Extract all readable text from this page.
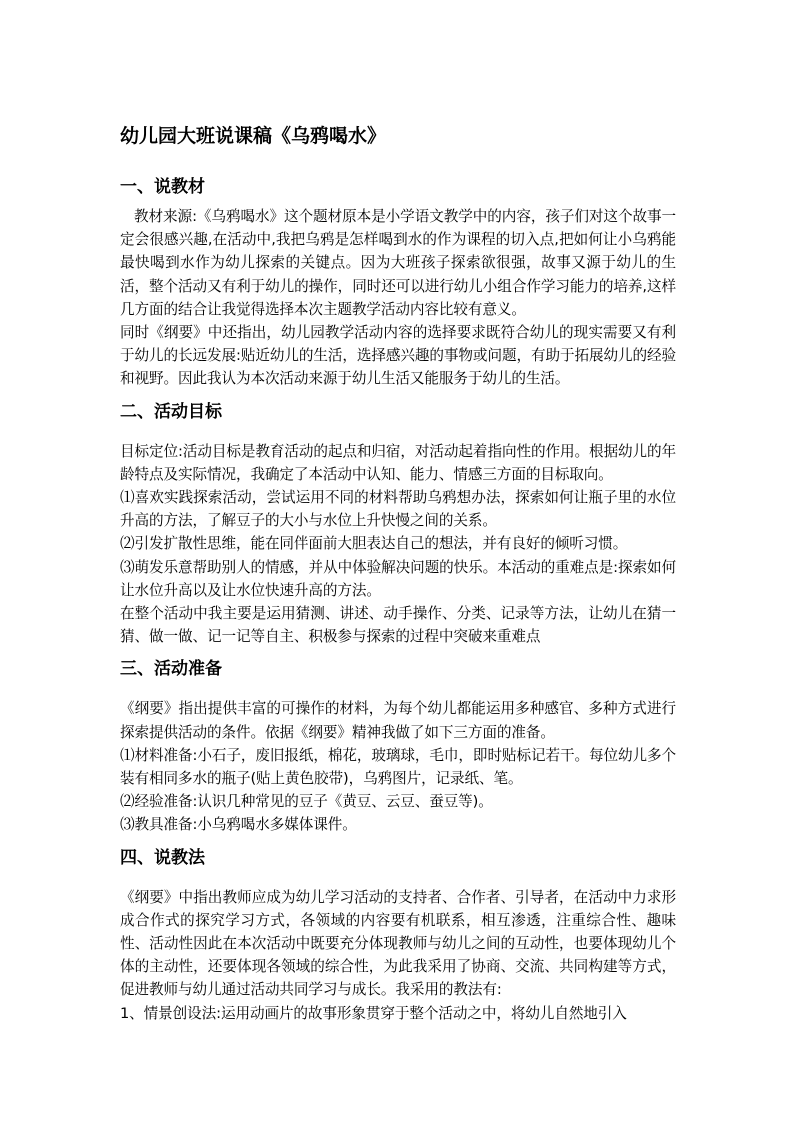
幼儿园大班说课稿《乌鸦喝水》
一、说教材

教材来源:《乌鸦喝水》这个题材原本是小学语文教学中的内容，孩子们对这个故事一定会很感兴趣,在活动中,我把乌鸦是怎样喝到水的作为课程的切入点,把如何让小乌鸦能最快喝到水作为幼儿探索的关键点。因为大班孩子探索欲很强，故事又源于幼儿的生活，整个活动又有利于幼儿的操作，同时还可以进行幼儿小组合作学习能力的培养,这样几方面的结合让我觉得选择本次主题教学活动内容比较有意义。

同时《纲要》中还指出，幼儿园教学活动内容的选择要求既符合幼儿的现实需要又有利于幼儿的长远发展:贴近幼儿的生活，选择感兴趣的事物或问题，有助于拓展幼儿的经验和视野。因此我认为本次活动来源于幼儿生活又能服务于幼儿的生活。

二、活动目标

目标定位:活动目标是教育活动的起点和归宿，对活动起着指向性的作用。根据幼儿的年龄特点及实际情况，我确定了本活动中认知、能力、情感三方面的目标取向。

⑴喜欢实践探索活动，尝试运用不同的材料帮助乌鸦想办法，探索如何让瓶子里的水位升高的方法，了解豆子的大小与水位上升快慢之间的关系。

⑵引发扩散性思维，能在同伴面前大胆表达自己的想法，并有良好的倾听习惯。

⑶萌发乐意帮助别人的情感，并从中体验解决问题的快乐。本活动的重难点是:探索如何让水位升高以及让水位快速升高的方法。

在整个活动中我主要是运用猜测、讲述、动手操作、分类、记录等方法，让幼儿在猜一猜、做一做、记一记等自主、积极参与探索的过程中突破来重难点

三、活动准备

《纲要》指出提供丰富的可操作的材料，为每个幼儿都能运用多种感官、多种方式进行探索提供活动的条件。依据《纲要》精神我做了如下三方面的准备。

⑴材料准备:小石子，废旧报纸，棉花，玻璃球，毛巾，即时贴标记若干。每位幼儿多个装有相同多水的瓶子(贴上黄色胶带)，乌鸦图片，记录纸、笔。

⑵经验准备:认识几种常见的豆子《黄豆、云豆、蚕豆等)。

⑶教具准备:小乌鸦喝水多媒体课件。

四、说教法

《纲要》中指出教师应成为幼儿学习活动的支持者、合作者、引导者，在活动中力求形成合作式的探究学习方式，各领域的内容要有机联系，相互渗透，注重综合性、趣味性、活动性因此在本次活动中既要充分体现教师与幼儿之间的互动性，也要体现幼儿个体的主动性，还要体现各领域的综合性，为此我采用了协商、交流、共同构建等方式，促进教师与幼儿通过活动共同学习与成长。我采用的教法有:

1、情景创设法:运用动画片的故事形象贯穿于整个活动之中，将幼儿自然地引入
